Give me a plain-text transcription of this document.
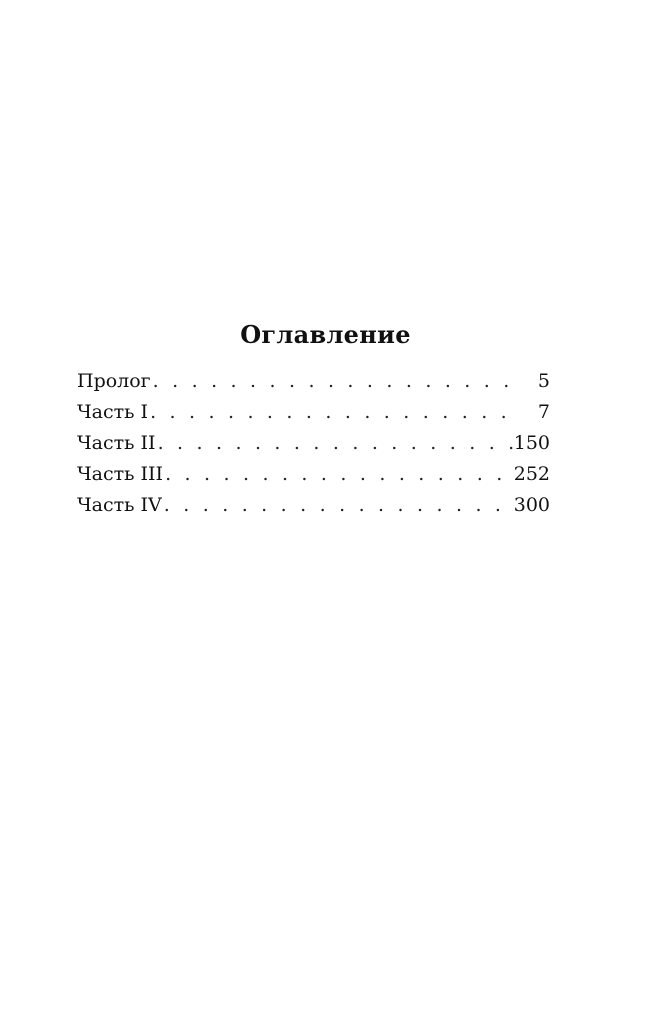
Оглавление
Пролог . . .	5
Часть I . . .	7
Часть II . . .	150
Часть III . . .	252
Часть IV . . .	300
